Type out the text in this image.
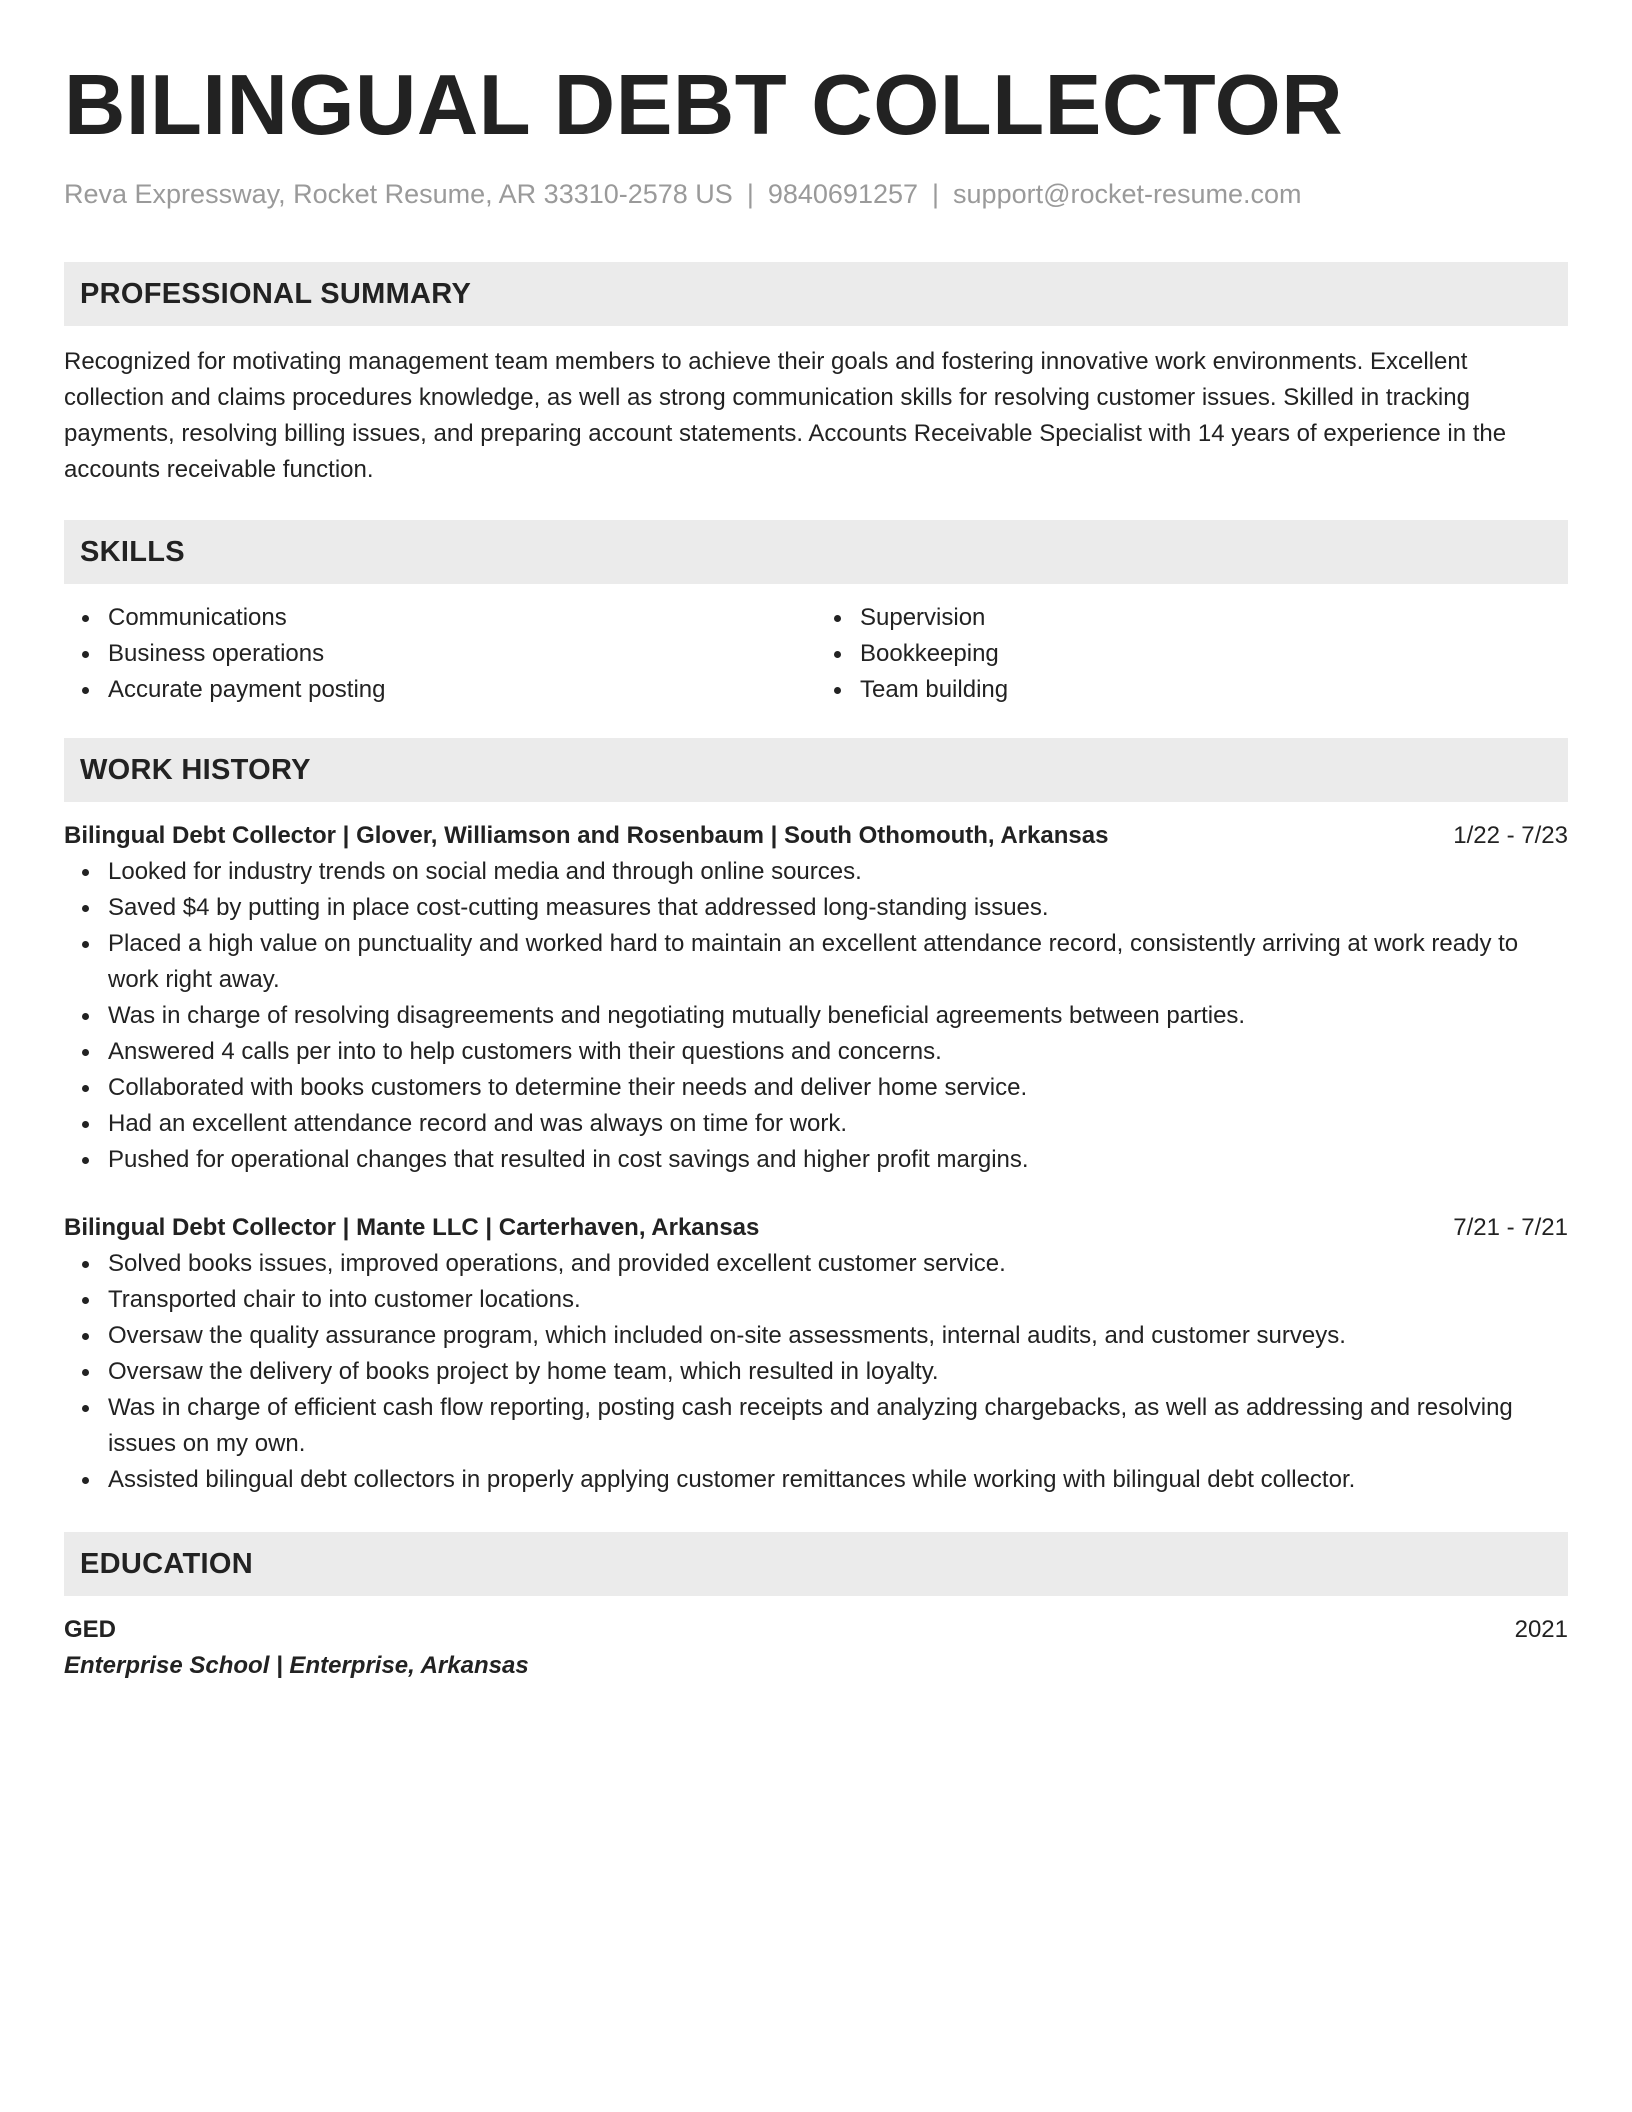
BILINGUAL DEBT COLLECTOR
Reva Expressway, Rocket Resume, AR 33310-2578 US | 9840691257 | support@rocket-resume.com
PROFESSIONAL SUMMARY
Recognized for motivating management team members to achieve their goals and fostering innovative work environments. Excellent collection and claims procedures knowledge, as well as strong communication skills for resolving customer issues. Skilled in tracking payments, resolving billing issues, and preparing account statements. Accounts Receivable Specialist with 14 years of experience in the accounts receivable function.
SKILLS
Communications
Business operations
Accurate payment posting
Supervision
Bookkeeping
Team building
WORK HISTORY
Bilingual Debt Collector | Glover, Williamson and Rosenbaum | South Othomouth, Arkansas	1/22 - 7/23
Looked for industry trends on social media and through online sources.
Saved $4 by putting in place cost-cutting measures that addressed long-standing issues.
Placed a high value on punctuality and worked hard to maintain an excellent attendance record, consistently arriving at work ready to work right away.
Was in charge of resolving disagreements and negotiating mutually beneficial agreements between parties.
Answered 4 calls per into to help customers with their questions and concerns.
Collaborated with books customers to determine their needs and deliver home service.
Had an excellent attendance record and was always on time for work.
Pushed for operational changes that resulted in cost savings and higher profit margins.
Bilingual Debt Collector | Mante LLC | Carterhaven, Arkansas	7/21 - 7/21
Solved books issues, improved operations, and provided excellent customer service.
Transported chair to into customer locations.
Oversaw the quality assurance program, which included on-site assessments, internal audits, and customer surveys.
Oversaw the delivery of books project by home team, which resulted in loyalty.
Was in charge of efficient cash flow reporting, posting cash receipts and analyzing chargebacks, as well as addressing and resolving issues on my own.
Assisted bilingual debt collectors in properly applying customer remittances while working with bilingual debt collector.
EDUCATION
GED	2021
Enterprise School | Enterprise, Arkansas
